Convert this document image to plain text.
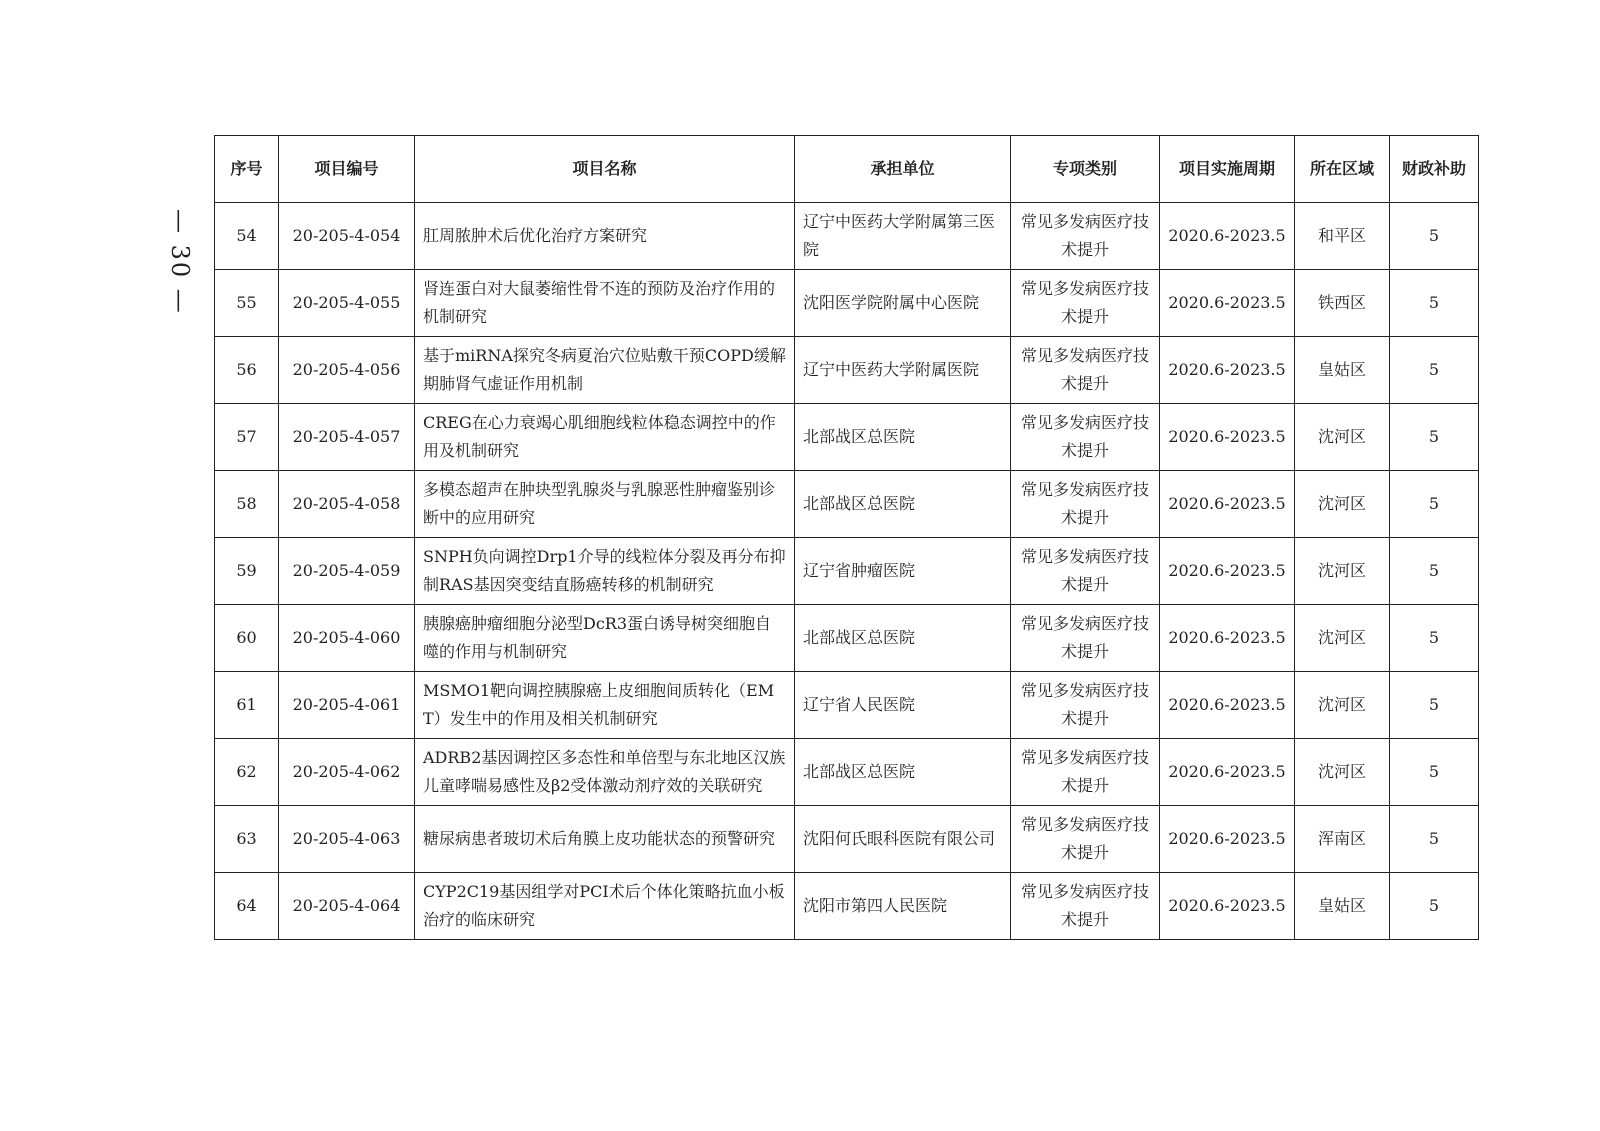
— 30 —
序号	项目编号	项目名称	承担单位	专项类别	项目实施周期	所在区域	财政补助
54	20-205-4-054	肛周脓肿术后优化治疗方案研究	辽宁中医药大学附属第三医院	常见多发病医疗技术提升	2020.6-2023.5	和平区	5
55	20-205-4-055	肾连蛋白对大鼠萎缩性骨不连的预防及治疗作用的机制研究	沈阳医学院附属中心医院	常见多发病医疗技术提升	2020.6-2023.5	铁西区	5
56	20-205-4-056	基于miRNA探究冬病夏治穴位贴敷干预COPD缓解期肺肾气虚证作用机制	辽宁中医药大学附属医院	常见多发病医疗技术提升	2020.6-2023.5	皇姑区	5
57	20-205-4-057	CREG在心力衰竭心肌细胞线粒体稳态调控中的作用及机制研究	北部战区总医院	常见多发病医疗技术提升	2020.6-2023.5	沈河区	5
58	20-205-4-058	多模态超声在肿块型乳腺炎与乳腺恶性肿瘤鉴别诊断中的应用研究	北部战区总医院	常见多发病医疗技术提升	2020.6-2023.5	沈河区	5
59	20-205-4-059	SNPH负向调控Drp1介导的线粒体分裂及再分布抑制RAS基因突变结直肠癌转移的机制研究	辽宁省肿瘤医院	常见多发病医疗技术提升	2020.6-2023.5	沈河区	5
60	20-205-4-060	胰腺癌肿瘤细胞分泌型DcR3蛋白诱导树突细胞自噬的作用与机制研究	北部战区总医院	常见多发病医疗技术提升	2020.6-2023.5	沈河区	5
61	20-205-4-061	MSMO1靶向调控胰腺癌上皮细胞间质转化（EMT）发生中的作用及相关机制研究	辽宁省人民医院	常见多发病医疗技术提升	2020.6-2023.5	沈河区	5
62	20-205-4-062	ADRB2基因调控区多态性和单倍型与东北地区汉族儿童哮喘易感性及β2受体激动剂疗效的关联研究	北部战区总医院	常见多发病医疗技术提升	2020.6-2023.5	沈河区	5
63	20-205-4-063	糖尿病患者玻切术后角膜上皮功能状态的预警研究	沈阳何氏眼科医院有限公司	常见多发病医疗技术提升	2020.6-2023.5	浑南区	5
64	20-205-4-064	CYP2C19基因组学对PCI术后个体化策略抗血小板治疗的临床研究	沈阳市第四人民医院	常见多发病医疗技术提升	2020.6-2023.5	皇姑区	5
